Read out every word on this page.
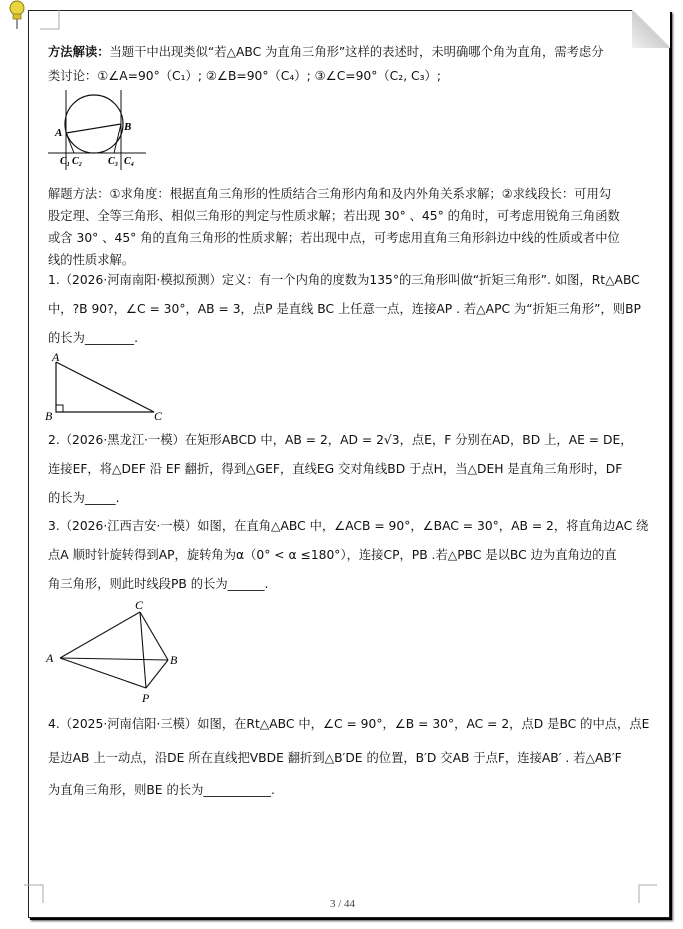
方法解读：当题干中出现类似“若△ABC 为直角三角形”这样的表述时，未明确哪个角为直角，需考虑分
类讨论：①∠A=90°（C₁）; ②∠B=90°（C₄）; ③∠C=90°（C₂, C₃）;
A	B
C₁ C₂	C₃ C₄
解题方法：①求角度：根据直角三角形的性质结合三角形内角和及内外角关系求解；②求线段长：可用勾
股定理、全等三角形、相似三角形的判定与性质求解；若出现 30° 、45° 的角时，可考虑用锐角三角函数
或含 30° 、45° 角的直角三角形的性质求解；若出现中点，可考虑用直角三角形斜边中线的性质或者中位
线的性质求解。
1.（2026·河南南阳·模拟预测）定义：有一个内角的度数为135°的三角形叫做“折矩三角形”. 如图，Rt△ABC
中，?B 90?，∠C = 30°，AB = 3，点P 是直线 BC 上任意一点，连接AP . 若△APC 为“折矩三角形”，则BP
的长为________.
A
B	C
2.（2026·黑龙江·一模）在矩形ABCD 中，AB = 2，AD = 2√3，点E，F 分别在AD，BD 上，AE = DE，
连接EF，将△DEF 沿 EF 翻折，得到△GEF，直线EG 交对角线BD 于点H，当△DEH 是直角三角形时，DF
的长为_____.
3.（2026·江西吉安·一模）如图，在直角△ABC 中，∠ACB = 90°，∠BAC = 30°，AB = 2，将直角边AC 绕
点A 顺时针旋转得到AP，旋转角为α（0° < α ≤180°），连接CP，PB .若△PBC 是以BC 边为直角边的直
角三角形，则此时线段PB 的长为______.
C
A	B
P
4.（2025·河南信阳·三模）如图，在Rt△ABC 中，∠C = 90°，∠B = 30°，AC = 2，点D 是BC 的中点，点E
是边AB 上一动点，沿DE 所在直线把VBDE 翻折到△B′DE 的位置，B′D 交AB 于点F，连接AB′ . 若△AB′F
为直角三角形，则BE 的长为___________.
3 / 44
